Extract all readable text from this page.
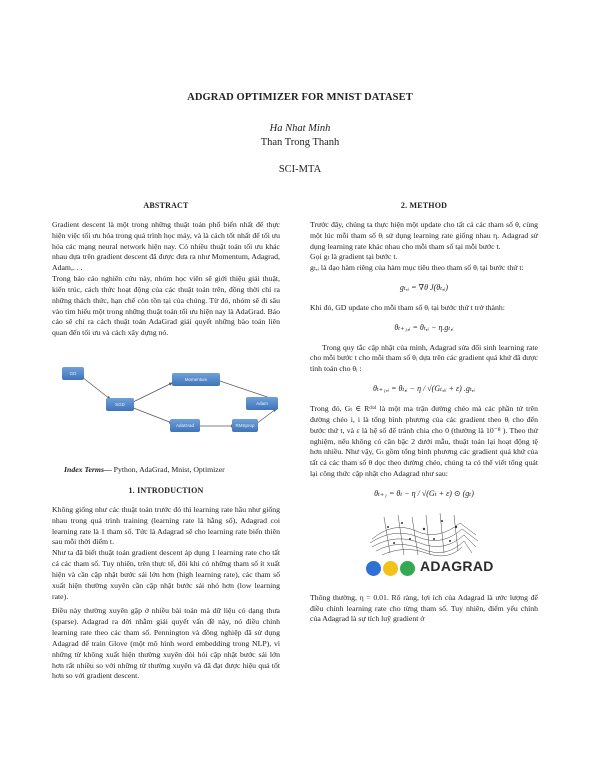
ADGRAD OPTIMIZER FOR MNIST DATASET
Ha Nhat Minh
Than Trong Thanh
SCI-MTA
ABSTRACT

Gradient descent là một trong những thuật toán phổ biến nhất để thực hiện việc tối ưu hóa trong quá trình học máy, và là cách tốt nhất để tối ưu hóa các mạng neural network hiện nay. Có nhiều thuật toán tối ưu khác nhau dựa trên gradient descent đã được đưa ra như Momentum, Adagrad, Adam,. . .

Trong báo cáo nghiên cứu này, nhóm học viên sẽ giới thiệu giải thuật, kiến trúc, cách thức hoạt động của các thuật toán trên, đồng thời chỉ ra những thách thức, hạn chế còn tồn tại của chúng. Từ đó, nhóm sẽ đi sâu vào tìm hiểu một trong những thuật toán tối ưu hiện nay là AdaGrad. Báo cáo sẽ chỉ ra cách thuật toán AdaGrad giải quyết những bào toán liên quan đến tối ưu và cách xây dựng nó.

GD
SGD
Momentum
AdaGrad	RMSprop
Adam

Index Terms— Python, AdaGrad, Mnist, Optimizer

1. INTRODUCTION

Không giống như các thuật toán trước đó thì learning rate hầu như giống nhau trong quá trình training (learning rate là hằng số), Adagrad coi learning rate là 1 tham số. Tức là Adagrad sẽ cho learning rate biến thiên sau mỗi thời điểm t.

Như ta đã biết thuật toán gradient descent áp dụng 1 learning rate cho tất cả các tham số. Tuy nhiên, trên thực tế, đôi khi có những tham số ít xuất hiện và cần cập nhật bước sải lớn hơn (high learning rate), các tham số xuất hiện thường xuyên cần cập nhật bước sải nhỏ hơn (low learning rate).

Điều này thường xuyên gặp ở nhiều bài toán mà dữ liệu có dạng thưa (sparse). Adagrad ra đời nhằm giải quyết vấn đề này, nó điều chỉnh learning rate theo các tham số. Pennington và đồng nghiệp đã sử dụng Adagrad để train Glove (một mô hình word embedding trong NLP), vì những từ không xuất hiện thường xuyên đòi hỏi cập nhật bước sải lớn hơn rất nhiều so với những từ thường xuyên và đã đạt được hiệu quả tốt hơn so với gradient descent.

2. METHOD

Trước đây, chúng ta thực hiện một update cho tất cả các tham số θ, cùng một lúc mỗi tham số θᵢ sử dụng learning rate giống nhau η. Adagrad sử dụng learning rate khác nhau cho mỗi tham số tại mỗi bước t.

Gọi gₜ là gradient tại bước t.

gₜ,ᵢ là đạo hàm riêng của hàm mục tiêu theo tham số θᵢ tại bước thứ t:

gₜ,ᵢ = ∇θ J(θₜ,ᵢ)

Khi đó, GD update cho mỗi tham số θᵢ tại bước thứ t trở thành:

θₜ₊₁,ᵢ = θₜ,ᵢ − η.gₜ,ᵢ

Trong quy tắc cập nhật của mình, Adagrad sửa đổi sinh learning rate cho mỗi bước t cho mỗi tham số θᵢ dựa trên các gradient quá khứ đã được tính toán cho θᵢ :

θₜ₊₁,ᵢ = θₜ,ᵢ − η / √(Gₜ,ᵢᵢ + ε) .gₜ,ᵢ

Trong đó, Gₜ ∈ Rᵈˣᵈ là một ma trận đường chéo mà các phần tử trên đường chéo i, i là tổng bình phương của các gradient theo θᵢ cho đến bước thứ t, và ε là hệ số để tránh chia cho 0 (thường là 10⁻⁸ ). Theo thử nghiệm, nếu không có căn bậc 2 dưới mẫu, thuật toán lại hoạt động tệ hơn nhiều. Như vậy, Gₜ gồm tổng bình phương các gradient quá khứ của tất cả các tham số θ dọc theo đường chéo, chúng ta có thể viết tổng quát lại công thức cập nhật cho Adagrad như sau:

θₜ₊₁ = θₜ − η / √(Gₜ + ε) ⊙ (gₜ)
ADAGRAD

Thông thường, η = 0.01. Rõ ràng, lợi ích của Adagrad là ước lượng để điều chỉnh learning rate cho từng tham số. Tuy nhiên, điểm yếu chính của Adagrad là sự tích luỹ gradient ở
